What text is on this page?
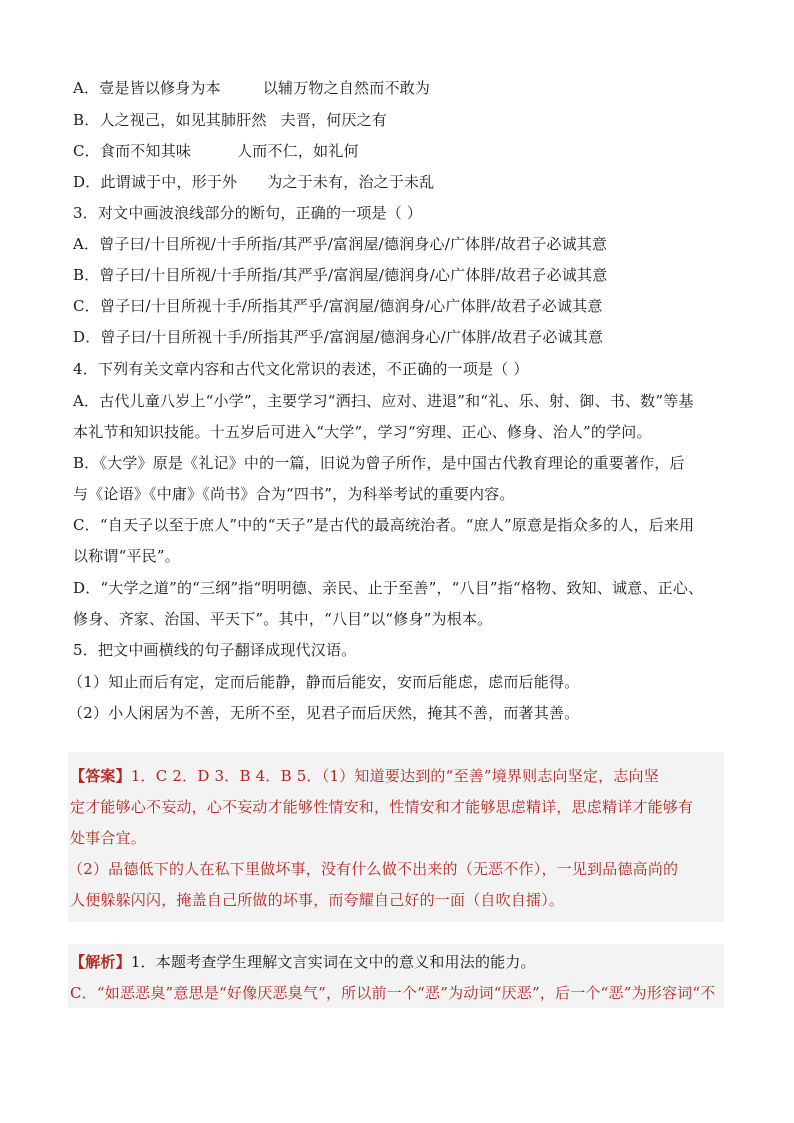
A．壹是皆以修身为本	以辅万物之自然而不敢为
B．人之视己，如见其肺肝然 夫晋，何厌之有
C．食而不知其味	人而不仁，如礼何
D．此谓诚于中，形于外 为之于未有，治之于未乱
3．对文中画波浪线部分的断句，正确的一项是（ ）
A．曾子曰/十目所视/十手所指/其严乎/富润屋/德润身心/广体胖/故君子必诚其意
B．曾子曰/十目所视/十手所指/其严乎/富润屋/德润身/心广体胖/故君子必诚其意
C．曾子曰/十目所视十手/所指其严乎/富润屋/德润身/心广体胖/故君子必诚其意
D．曾子曰/十目所视十手/所指其严乎/富润屋/德润身心/广体胖/故君子必诚其意
4．下列有关文章内容和古代文化常识的表述，不正确的一项是（ ）
A．古代儿童八岁上“小学”，主要学习“洒扫、应对、进退”和“礼、乐、射、御、书、数”等基
本礼节和知识技能。十五岁后可进入“大学”，学习“穷理、正心、修身、治人”的学问。
B．《大学》原是《礼记》中的一篇，旧说为曾子所作，是中国古代教育理论的重要著作，后
与《论语》《中庸》《尚书》合为“四书”，为科举考试的重要内容。
C．“自天子以至于庶人”中的“天子”是古代的最高统治者。“庶人”原意是指众多的人，后来用
以称谓“平民”。
D．“大学之道”的“三纲”指“明明德、亲民、止于至善”，“八目”指“格物、致知、诚意、正心、
修身、齐家、治国、平天下”。其中，“八目”以“修身”为根本。
5．把文中画横线的句子翻译成现代汉语。
（1）知止而后有定，定而后能静，静而后能安，安而后能虑，虑而后能得。
（2）小人闲居为不善，无所不至，见君子而后厌然，掩其不善，而著其善。
【答案】1．C 2．D 3．B 4．B 5．（1）知道要达到的“至善”境界则志向坚定，志向坚
定才能够心不妄动，心不妄动才能够性情安和，性情安和才能够思虑精详，思虑精详才能够有
处事合宜。
（2）品德低下的人在私下里做坏事，没有什么做不出来的（无恶不作），一见到品德高尚的
人便躲躲闪闪，掩盖自己所做的坏事，而夸耀自己好的一面（自吹自擂）。
【解析】1．本题考查学生理解文言实词在文中的意义和用法的能力。
C．“如恶恶臭”意思是“好像厌恶臭气”，所以前一个“恶”为动词“厌恶”，后一个“恶”为形容词“不
